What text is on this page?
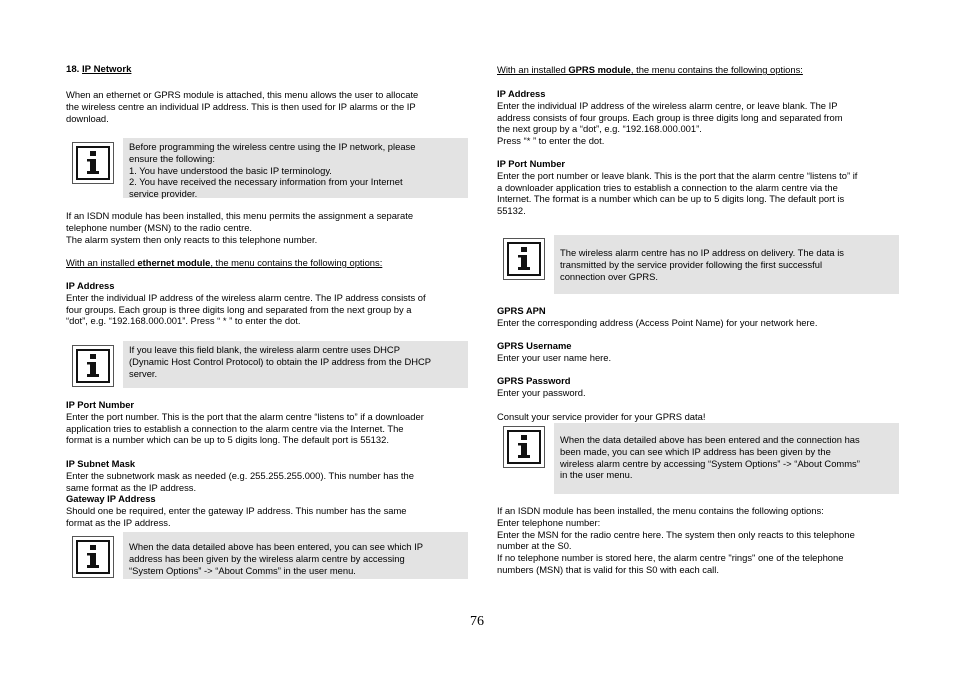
18. IP Network

When an ethernet or GPRS module is attached, this menu allows the user to allocate

the wireless centre an individual IP address. This is then used for IP alarms or the IP

download.

Before programming the wireless centre using the IP network, please

ensure the following:

1. You have understood the basic IP terminology.

2. You have received the necessary information from your Internet

service provider.

If an ISDN module has been installed, this menu permits the assignment a separate

telephone number (MSN) to the radio centre.

The alarm system then only reacts to this telephone number.

With an installed ethernet module, the menu contains the following options:

IP Address

Enter the individual IP address of the wireless alarm centre. The IP address consists of

four groups. Each group is three digits long and separated from the next group by a

“dot”, e.g. “192.168.000.001”. Press “ * ” to enter the dot.

If you leave this field blank, the wireless alarm centre uses DHCP

(Dynamic Host Control Protocol) to obtain the IP address from the DHCP

server.

IP Port Number

Enter the port number. This is the port that the alarm centre “listens to” if a downloader

application tries to establish a connection to the alarm centre via the Internet. The

format is a number which can be up to 5 digits long. The default port is 55132.

IP Subnet Mask

Enter the subnetwork mask as needed (e.g. 255.255.255.000). This number has the

same format as the IP address.

Gateway IP Address

Should one be required, enter the gateway IP address. This number has the same

format as the IP address.

When the data detailed above has been entered, you can see which IP

address has been given by the wireless alarm centre by accessing

“System Options” -> “About Comms” in the user menu.

With an installed GPRS module, the menu contains the following options:

IP Address

Enter the individual IP address of the wireless alarm centre, or leave blank. The IP

address consists of four groups. Each group is three digits long and separated from

the next group by a “dot”, e.g. “192.168.000.001”.

Press “* ” to enter the dot.

IP Port Number

Enter the port number or leave blank. This is the port that the alarm centre “listens to” if

a downloader application tries to establish a connection to the alarm centre via the

Internet. The format is a number which can be up to 5 digits long. The default port is

55132.

The wireless alarm centre has no IP address on delivery. The data is

transmitted by the service provider following the first successful

connection over GPRS.

GPRS APN

Enter the corresponding address (Access Point Name) for your network here.

GPRS Username

Enter your user name here.

GPRS Password

Enter your password.

Consult your service provider for your GPRS data!

When the data detailed above has been entered and the connection has

been made, you can see which IP address has been given by the

wireless alarm centre by accessing “System Options” -> “About Comms”

in the user menu.

If an ISDN module has been installed, the menu contains the following options:

Enter telephone number:

Enter the MSN for the radio centre here. The system then only reacts to this telephone

number at the S0.

If no telephone number is stored here, the alarm centre "rings" one of the telephone

numbers (MSN) that is valid for this S0 with each call.

76
